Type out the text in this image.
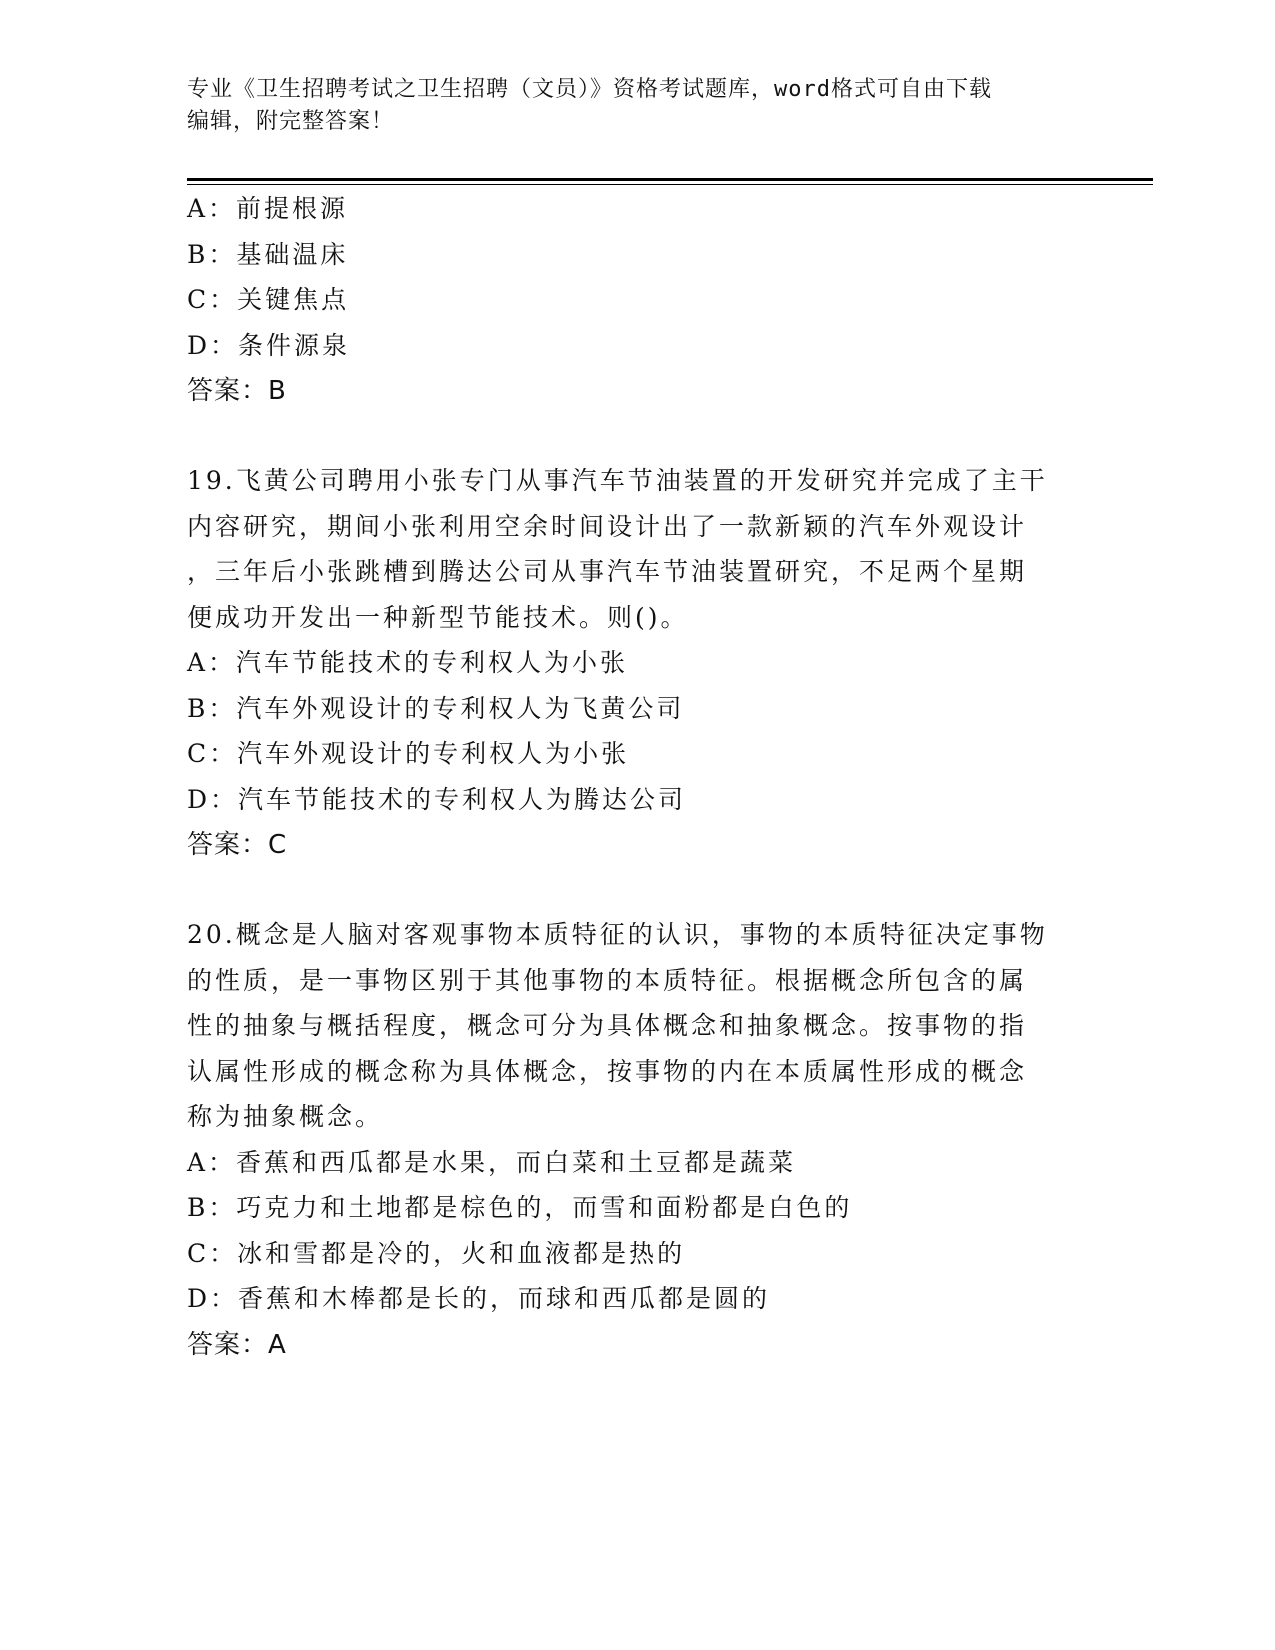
专业《卫生招聘考试之卫生招聘（文员）》资格考试题库，word格式可自由下载
编辑，附完整答案！
A：前提根源
B：基础温床
C：关键焦点
D：条件源泉
答案：B
19.飞黄公司聘用小张专门从事汽车节油装置的开发研究并完成了主干
内容研究，期间小张利用空余时间设计出了一款新颖的汽车外观设计
，三年后小张跳槽到腾达公司从事汽车节油装置研究，不足两个星期
便成功开发出一种新型节能技术。则()。
A：汽车节能技术的专利权人为小张
B：汽车外观设计的专利权人为飞黄公司
C：汽车外观设计的专利权人为小张
D：汽车节能技术的专利权人为腾达公司
答案：C
20.概念是人脑对客观事物本质特征的认识，事物的本质特征决定事物
的性质，是一事物区别于其他事物的本质特征。根据概念所包含的属
性的抽象与概括程度，概念可分为具体概念和抽象概念。按事物的指
认属性形成的概念称为具体概念，按事物的内在本质属性形成的概念
称为抽象概念。
A：香蕉和西瓜都是水果，而白菜和土豆都是蔬菜
B：巧克力和土地都是棕色的，而雪和面粉都是白色的
C：冰和雪都是冷的，火和血液都是热的
D：香蕉和木棒都是长的，而球和西瓜都是圆的
答案：A
